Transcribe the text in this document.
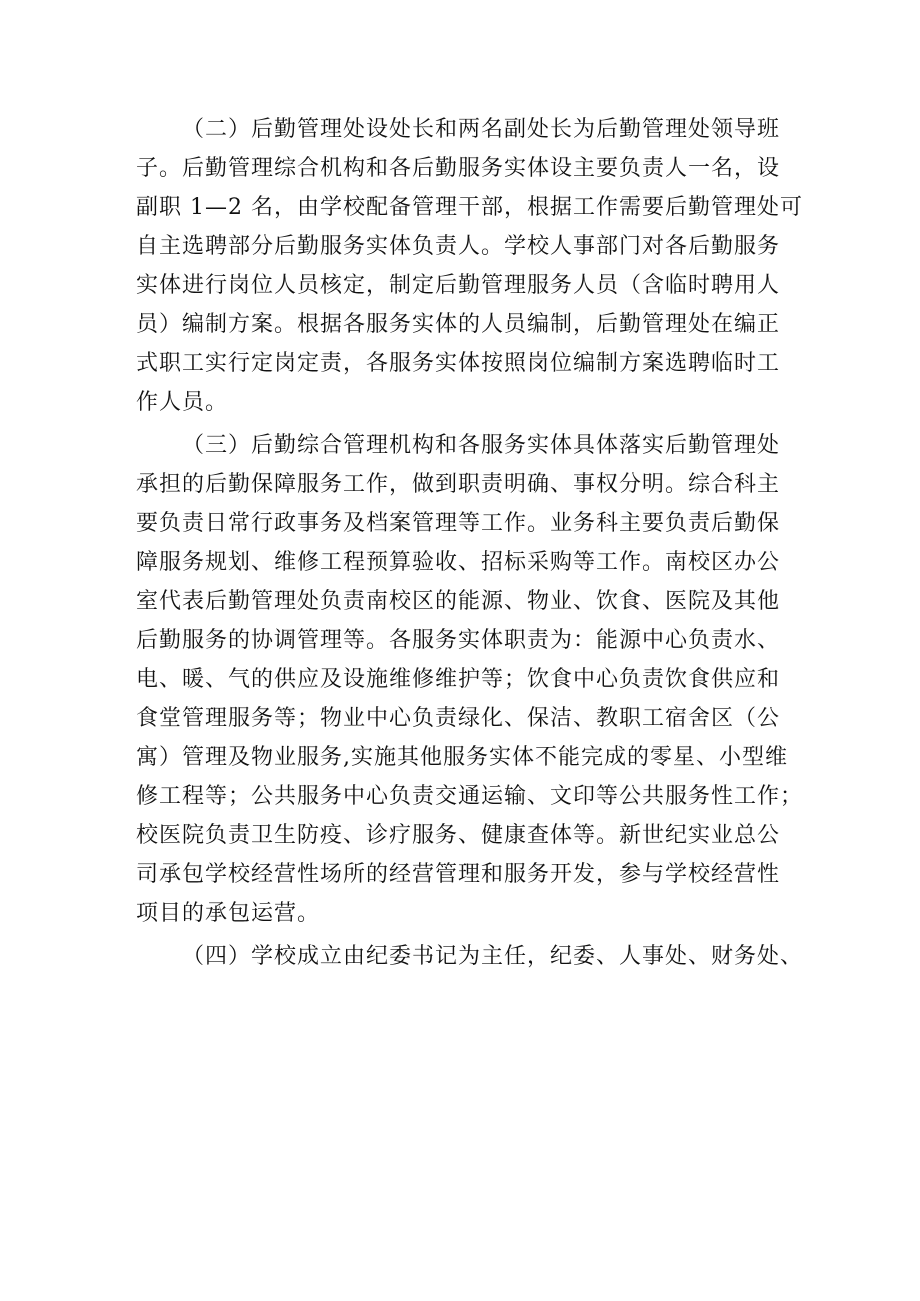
（二）后勤管理处设处长和两名副处长为后勤管理处领导班
子。后勤管理综合机构和各后勤服务实体设主要负责人一名，设
副职 1—2 名，由学校配备管理干部，根据工作需要后勤管理处可
自主选聘部分后勤服务实体负责人。学校人事部门对各后勤服务
实体进行岗位人员核定，制定后勤管理服务人员（含临时聘用人
员）编制方案。根据各服务实体的人员编制，后勤管理处在编正
式职工实行定岗定责，各服务实体按照岗位编制方案选聘临时工
作人员。
（三）后勤综合管理机构和各服务实体具体落实后勤管理处
承担的后勤保障服务工作，做到职责明确、事权分明。综合科主
要负责日常行政事务及档案管理等工作。业务科主要负责后勤保
障服务规划、维修工程预算验收、招标采购等工作。南校区办公
室代表后勤管理处负责南校区的能源、物业、饮食、医院及其他
后勤服务的协调管理等。各服务实体职责为：能源中心负责水、
电、暖、气的供应及设施维修维护等；饮食中心负责饮食供应和
食堂管理服务等；物业中心负责绿化、保洁、教职工宿舍区（公
寓）管理及物业服务,实施其他服务实体不能完成的零星、小型维
修工程等；公共服务中心负责交通运输、文印等公共服务性工作；
校医院负责卫生防疫、诊疗服务、健康查体等。新世纪实业总公
司承包学校经营性场所的经营管理和服务开发，参与学校经营性
项目的承包运营。
（四）学校成立由纪委书记为主任，纪委、人事处、财务处、
